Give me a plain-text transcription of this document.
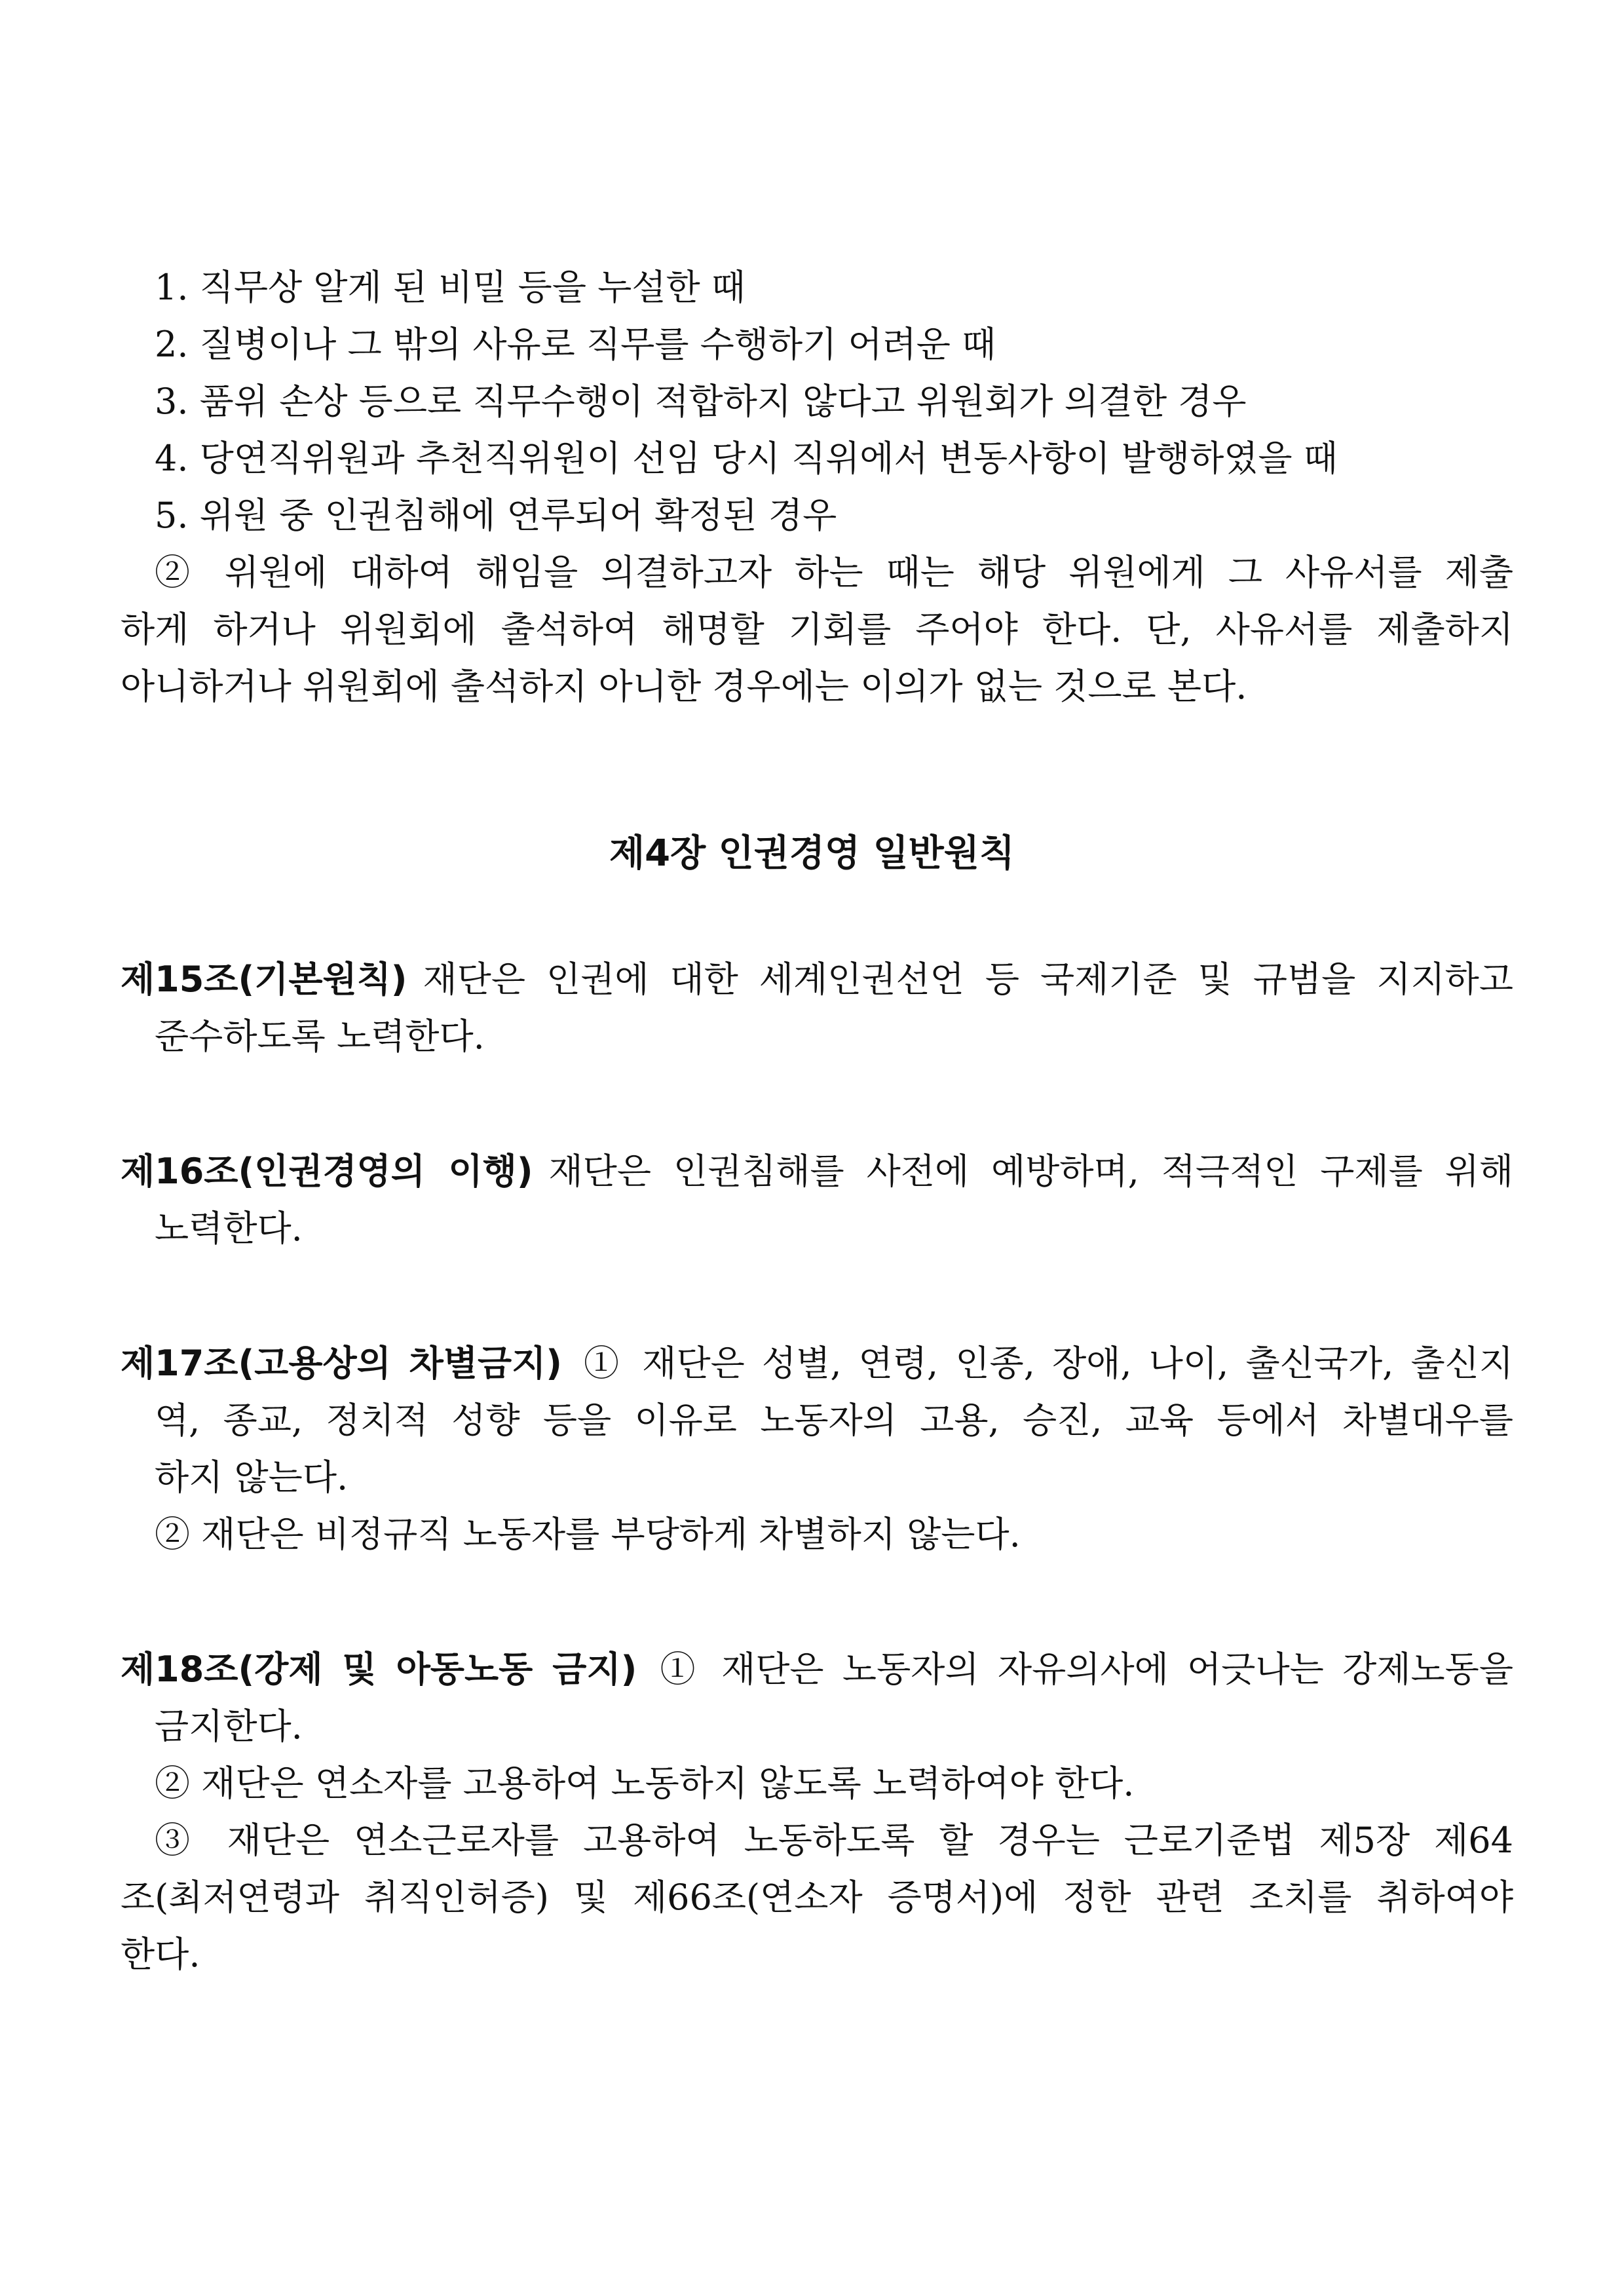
1. 직무상 알게 된 비밀 등을 누설한 때
2. 질병이나 그 밖의 사유로 직무를 수행하기 어려운 때
3. 품위 손상 등으로 직무수행이 적합하지 않다고 위원회가 의결한 경우
4. 당연직위원과 추천직위원이 선임 당시 직위에서 변동사항이 발행하였을 때
5. 위원 중 인권침해에 연루되어 확정된 경우
② 위원에 대하여 해임을 의결하고자 하는 때는 해당 위원에게 그 사유서를 제출
하게 하거나 위원회에 출석하여 해명할 기회를 주어야 한다. 단, 사유서를 제출하지
아니하거나 위원회에 출석하지 아니한 경우에는 이의가 없는 것으로 본다.
제4장 인권경영 일반원칙
제15조(기본원칙) 재단은 인권에 대한 세계인권선언 등 국제기준 및 규범을 지지하고
준수하도록 노력한다.
제16조(인권경영의 이행) 재단은 인권침해를 사전에 예방하며, 적극적인 구제를 위해
노력한다.
제17조(고용상의 차별금지) ① 재단은 성별, 연령, 인종, 장애, 나이, 출신국가, 출신지
역, 종교, 정치적 성향 등을 이유로 노동자의 고용, 승진, 교육 등에서 차별대우를
하지 않는다.
② 재단은 비정규직 노동자를 부당하게 차별하지 않는다.
제18조(강제 및 아동노동 금지) ① 재단은 노동자의 자유의사에 어긋나는 강제노동을
금지한다.
② 재단은 연소자를 고용하여 노동하지 않도록 노력하여야 한다.
③ 재단은 연소근로자를 고용하여 노동하도록 할 경우는 근로기준법 제5장 제64
조(최저연령과 취직인허증) 및 제66조(연소자 증명서)에 정한 관련 조치를 취하여야
한다.
